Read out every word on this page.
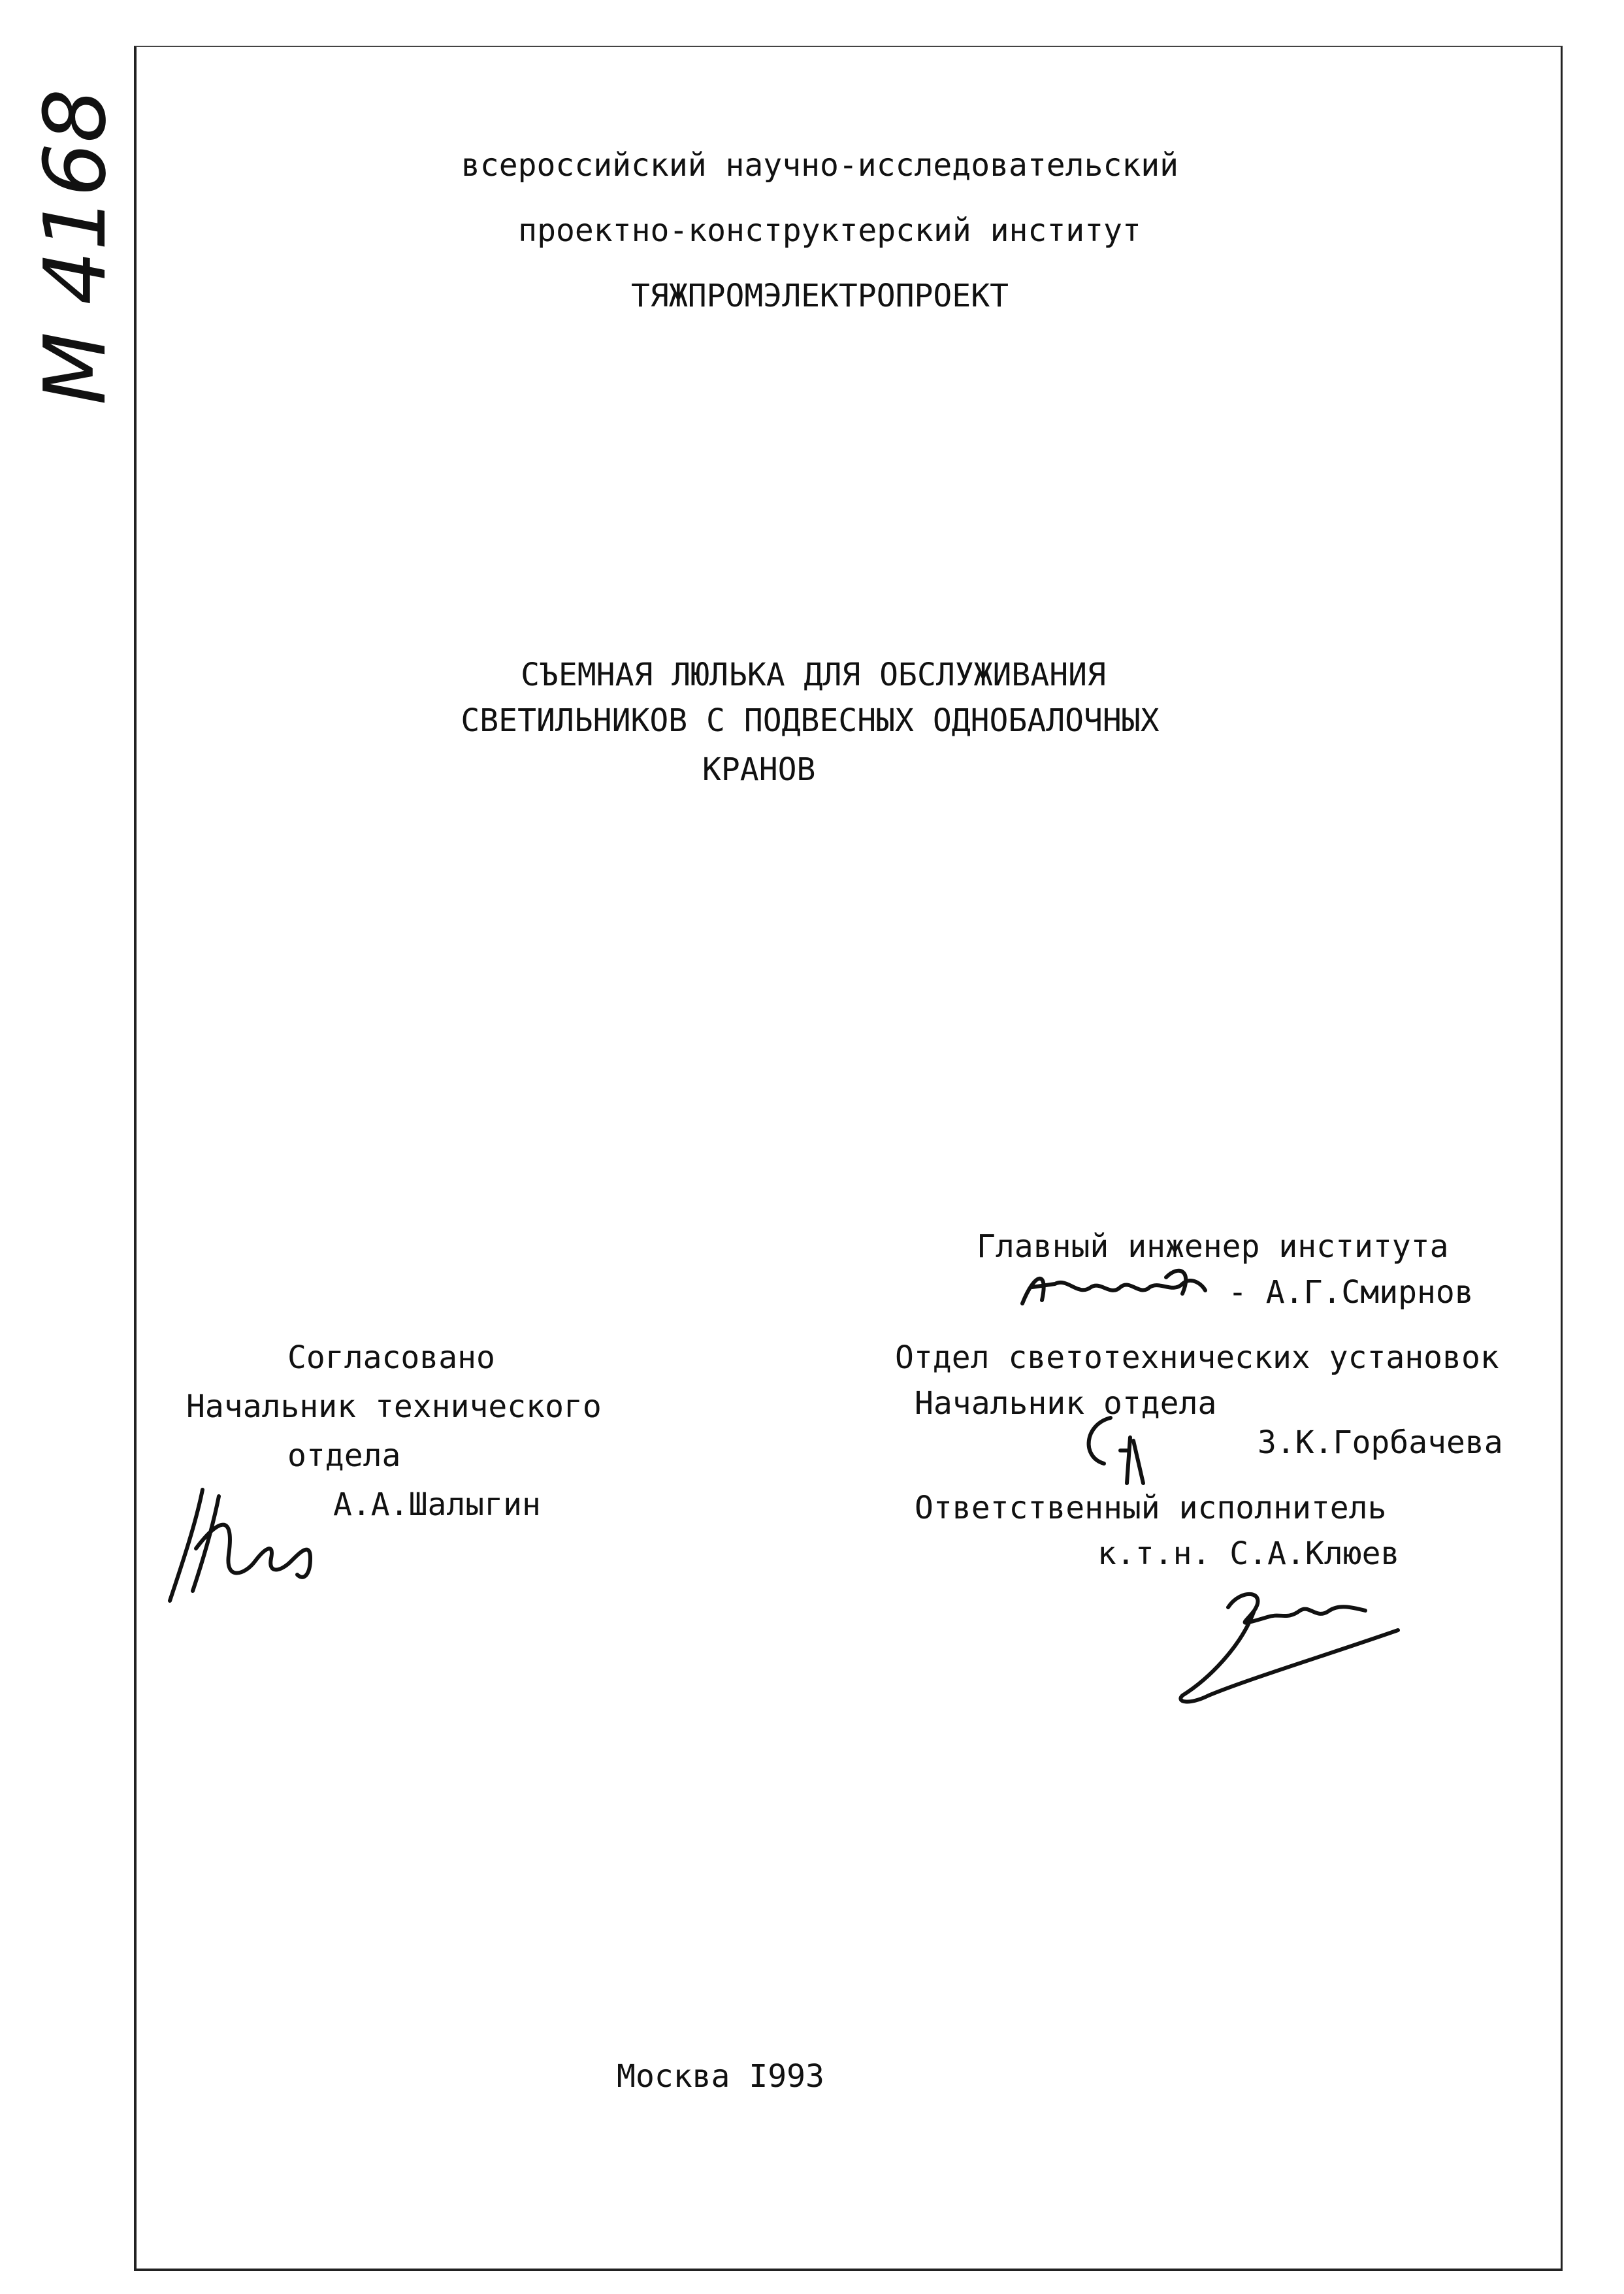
М 4168	всероссийский научно-исследовательский
проектно-конструктерский институт
ТЯЖПРОМЭЛЕКТРОПРОЕКТ
СЪЕМНАЯ ЛЮЛЬКА ДЛЯ ОБСЛУЖИВАНИЯ
СВЕТИЛЬНИКОВ С ПОДВЕСНЫХ ОДНОБАЛОЧНЫХ
КРАНОВ
Главный инженер института
- А.Г.Смирнов
Отдел светотехнических установок
Начальник отдела
З.К.Горбачева
Ответственный исполнитель
к.т.н. С.А.Клюев
Согласовано
Начальник технического
отдела
А.А.Шалыгин
Москва I993
